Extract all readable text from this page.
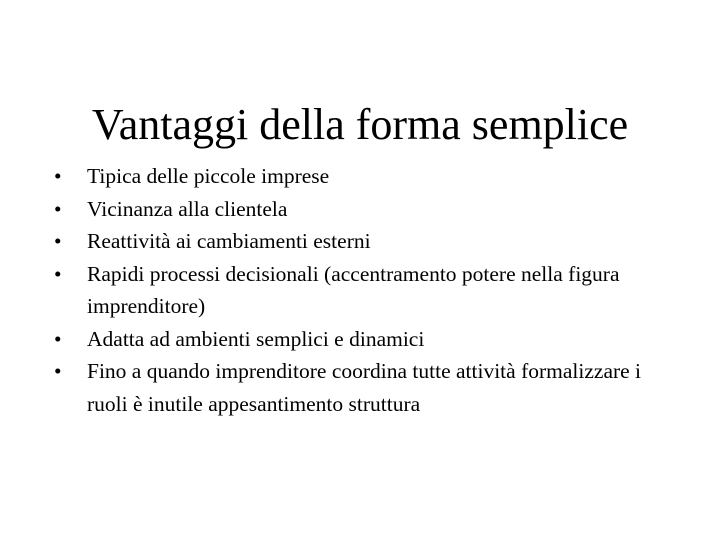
Vantaggi della forma semplice
•	Tipica delle piccole imprese
•	Vicinanza alla clientela
•	Reattività ai cambiamenti esterni
•	Rapidi processi decisionali (accentramento potere nella figura imprenditore)
•	Adatta ad ambienti semplici e dinamici
•	Fino a quando imprenditore coordina tutte attività formalizzare i ruoli è inutile appesantimento struttura
